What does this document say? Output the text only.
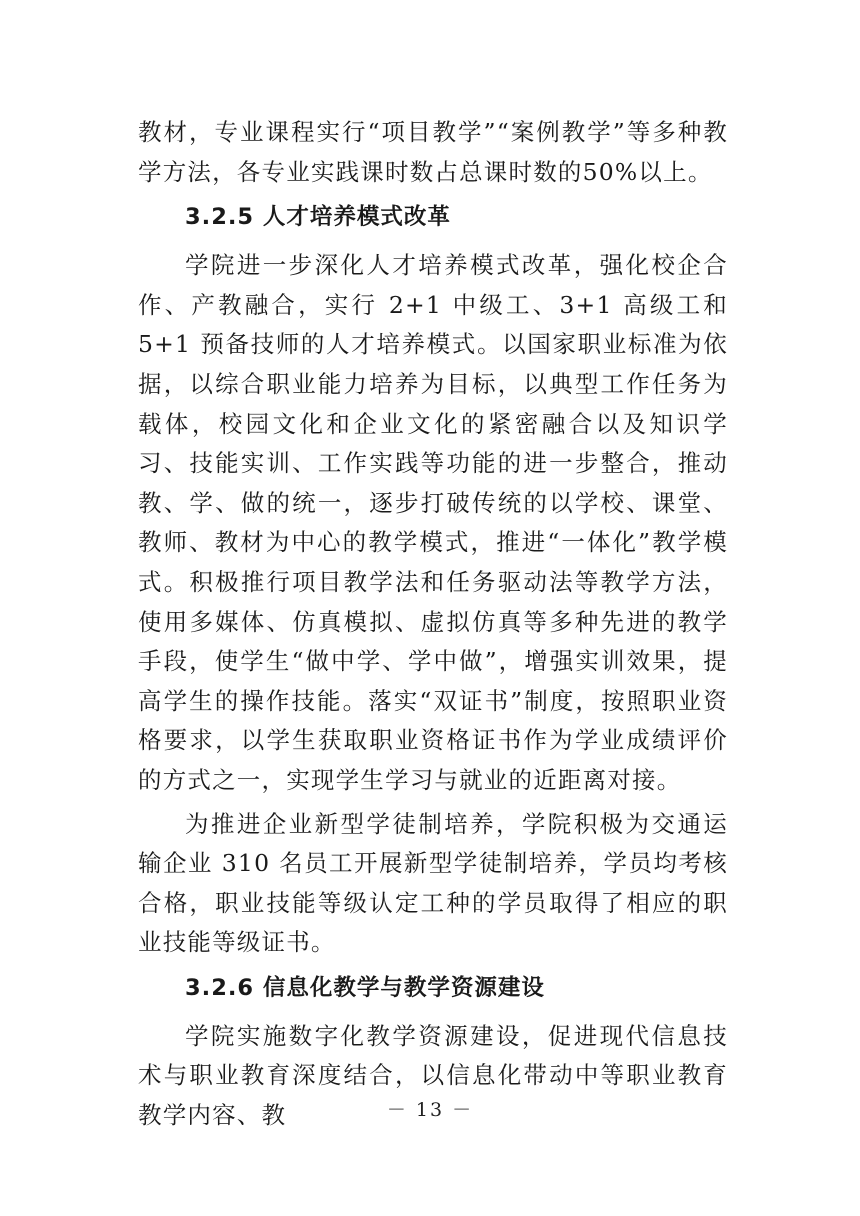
教材，专业课程实行“项目教学”“案例教学”等多种教学方法，各专业实践课时数占总课时数的50%以上。

3.2.5 人才培养模式改革

学院进一步深化人才培养模式改革，强化校企合作、产教融合，实行 2+1 中级工、3+1 高级工和 5+1 预备技师的人才培养模式。以国家职业标准为依据，以综合职业能力培养为目标，以典型工作任务为载体，校园文化和企业文化的紧密融合以及知识学习、技能实训、工作实践等功能的进一步整合，推动教、学、做的统一，逐步打破传统的以学校、课堂、教师、教材为中心的教学模式，推进“一体化”教学模式。积极推行项目教学法和任务驱动法等教学方法，使用多媒体、仿真模拟、虚拟仿真等多种先进的教学手段，使学生“做中学、学中做”，增强实训效果，提高学生的操作技能。落实“双证书”制度，按照职业资格要求，以学生获取职业资格证书作为学业成绩评价的方式之一，实现学生学习与就业的近距离对接。

为推进企业新型学徒制培养，学院积极为交通运输企业 310 名员工开展新型学徒制培养，学员均考核合格，职业技能等级认定工种的学员取得了相应的职业技能等级证书。

3.2.6 信息化教学与教学资源建设

学院实施数字化教学资源建设，促进现代信息技术与职业教育深度结合，以信息化带动中等职业教育教学内容、教	－ 13 －
